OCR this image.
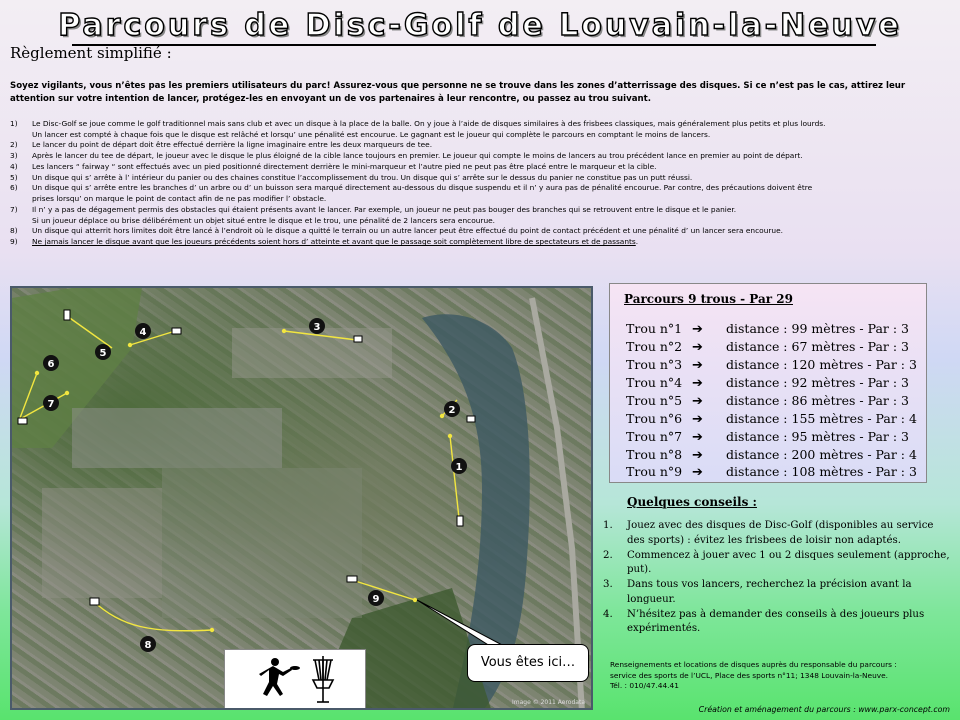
Parcours de Disc-Golf de Louvain-la-Neuve
Règlement simplifié :
Soyez vigilants, vous n’êtes pas les premiers utilisateurs du parc! Assurez-vous que personne ne se trouve dans les zones d’atterrissage des disques. Si ce n’est pas le cas, attirez leur attention sur votre intention de lancer, protégez-les en envoyant un de vos partenaires à leur rencontre, ou passez au trou suivant.
1) Le Disc-Golf se joue comme le golf traditionnel mais sans club et avec un disque à la place de la balle. On y joue à l’aide de disques similaires à des frisbees classiques, mais généralement plus petits et plus lourds.
Un lancer est compté à chaque fois que le disque est relâché et lorsqu’ une pénalité est encourue. Le gagnant est le joueur qui complète le parcours en comptant le moins de lancers.
2) Le lancer du point de départ doit être effectué derrière la ligne imaginaire entre les deux marqueurs de tee.
3) Après le lancer du tee de départ, le joueur avec le disque le plus éloigné de la cible lance toujours en premier. Le joueur qui compte le moins de lancers au trou précédent lance en premier au point de départ.
4) Les lancers “ fairway “ sont effectués avec un pied positionné directement derrière le mini-marqueur et l’autre pied ne peut pas être placé entre le marqueur et la cible.
5) Un disque qui s’ arrête à l’ intérieur du panier ou des chaines constitue l’accomplissement du trou. Un disque qui s’ arrête sur le dessus du panier ne constitue pas un putt réussi.
6) Un disque qui s’ arrête entre les branches d’ un arbre ou d’ un buisson sera marqué directement au-dessous du disque suspendu et il n’ y aura pas de pénalité encourue. Par contre, des précautions doivent être
prises lorsqu’ on marque le point de contact afin de ne pas modifier l’ obstacle.
7) Il n’ y a pas de dégagement permis des obstacles qui étaient présents avant le lancer. Par exemple, un joueur ne peut pas bouger des branches qui se retrouvent entre le disque et le panier.
Si un joueur déplace ou brise délibérément un objet situé entre le disque et le trou, une pénalité de 2 lancers sera encourue.
8) Un disque qui atterrit hors limites doit être lancé à l’endroit où le disque a quitté le terrain ou un autre lancer peut être effectué du point de contact précédent et une pénalité d’ un lancer sera encourue.
9) Ne jamais lancer le disque avant que les joueurs précédents soient hors d’ atteinte et avant que le passage soit complètement libre de spectateurs et de passants.
1
2
3
4
5
6
7
8
9
Vous êtes ici…
Image © 2011 Aerodata
Parcours 9 trous - Par 29
Trou n°1 ➔ distance : 99 mètres - Par : 3
Trou n°2 ➔ distance : 67 mètres - Par : 3
Trou n°3 ➔ distance : 120 mètres - Par : 3
Trou n°4 ➔ distance : 92 mètres - Par : 3
Trou n°5 ➔ distance : 86 mètres - Par : 3
Trou n°6 ➔ distance : 155 mètres - Par : 4
Trou n°7 ➔ distance : 95 mètres - Par : 3
Trou n°8 ➔ distance : 200 mètres - Par : 4
Trou n°9 ➔ distance : 108 mètres - Par : 3
Quelques conseils :
1. Jouez avec des disques de Disc-Golf (disponibles au service des sports) : évitez les frisbees de loisir non adaptés.
2. Commencez à jouer avec 1 ou 2 disques seulement (approche, put).
3. Dans tous vos lancers, recherchez la précision avant la longueur.
4. N’hésitez pas à demander des conseils à des joueurs plus expérimentés.
Renseignements et locations de disques auprès du responsable du parcours :
service des sports de l’UCL, Place des sports n°11; 1348 Louvain-la-Neuve.
Tél. : 010/47.44.41
Création et aménagement du parcours : www.parx-concept.com
